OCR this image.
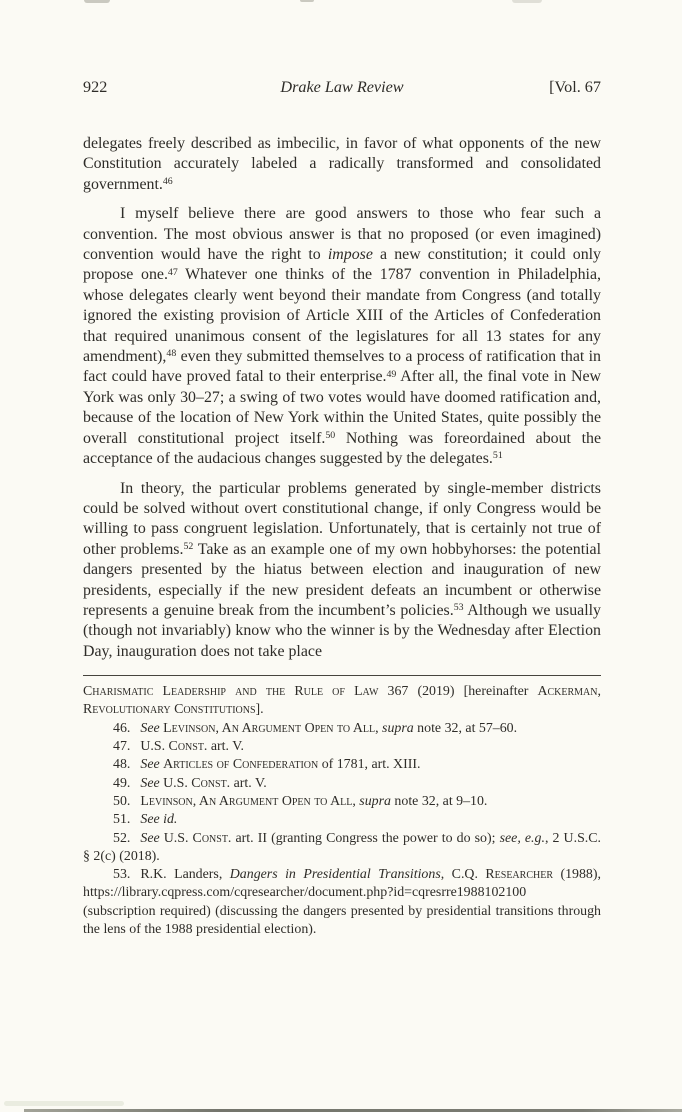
922	Drake Law Review	[Vol. 67

delegates freely described as imbecilic, in favor of what opponents of the new Constitution accurately labeled a radically transformed and consolidated government.$^{46}$

I myself believe there are good answers to those who fear such a convention. The most obvious answer is that no proposed (or even imagined) convention would have the right to impose a new constitution; it could only propose one.$^{47}$ Whatever one thinks of the 1787 convention in Philadelphia, whose delegates clearly went beyond their mandate from Congress (and totally ignored the existing provision of Article XIII of the Articles of Confederation that required unanimous consent of the legislatures for all 13 states for any amendment),$^{48}$ even they submitted themselves to a process of ratification that in fact could have proved fatal to their enterprise.$^{49}$ After all, the final vote in New York was only 30–27; a swing of two votes would have doomed ratification and, because of the location of New York within the United States, quite possibly the overall constitutional project itself.$^{50}$ Nothing was foreordained about the acceptance of the audacious changes suggested by the delegates.$^{51}$

In theory, the particular problems generated by single-member districts could be solved without overt constitutional change, if only Congress would be willing to pass congruent legislation. Unfortunately, that is certainly not true of other problems.$^{52}$ Take as an example one of my own hobbyhorses: the potential dangers presented by the hiatus between election and inauguration of new presidents, especially if the new president defeats an incumbent or otherwise represents a genuine break from the incumbent’s policies.$^{53}$ Although we usually (though not invariably) know who the winner is by the Wednesday after Election Day, inauguration does not take place

Charismatic Leadership and the Rule of Law 367 (2019) [hereinafter Ackerman, Revolutionary Constitutions].

46. See Levinson, An Argument Open to All, supra note 32, at 57–60.

47. U.S. Const. art. V.

48. See Articles of Confederation of 1781, art. XIII.

49. See U.S. Const. art. V.

50. Levinson, An Argument Open to All, supra note 32, at 9–10.

51. See id.

52. See U.S. Const. art. II (granting Congress the power to do so); see, e.g., 2 U.S.C. § 2(c) (2018).

53. R.K. Landers, Dangers in Presidential Transitions, C.Q. Researcher (1988), https://library.cqpress.com/cqresearcher/document.php?id=cqresrre1988102100 (subscription required) (discussing the dangers presented by presidential transitions through the lens of the 1988 presidential election).
